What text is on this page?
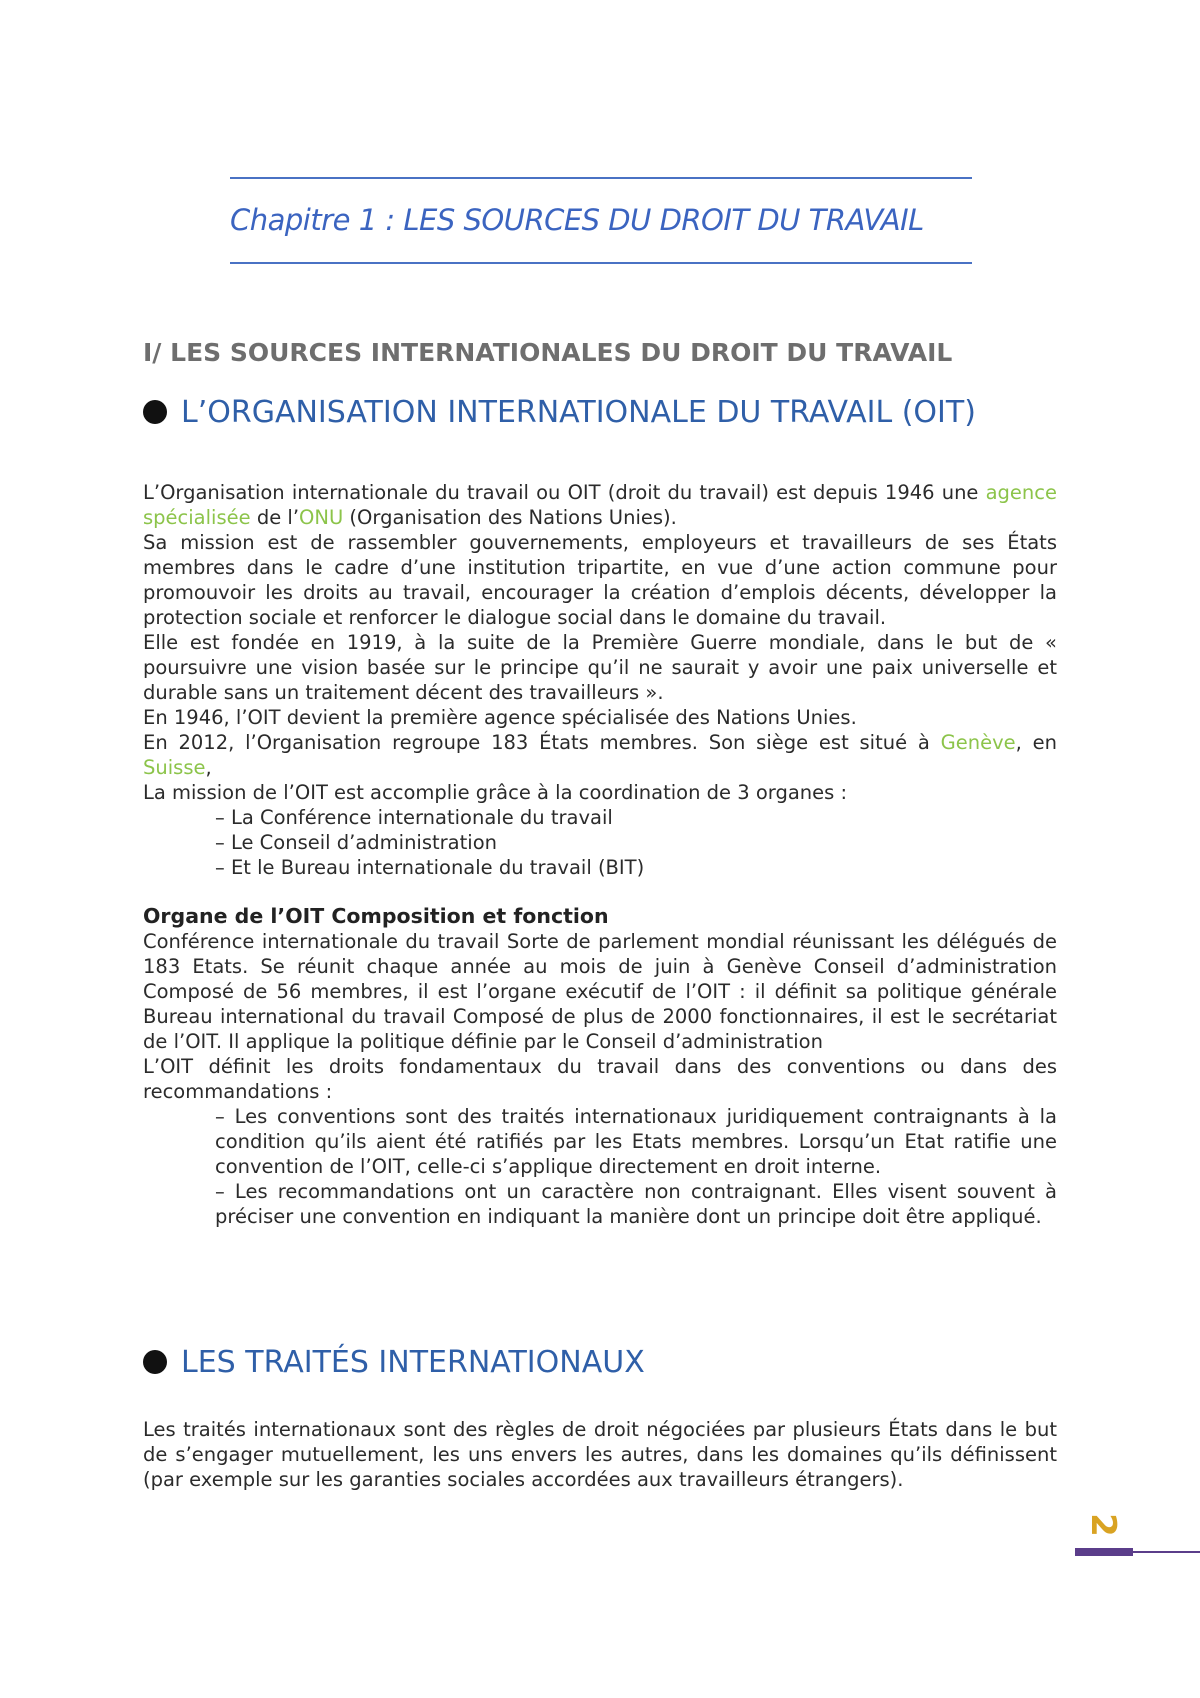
Chapitre 1 : LES SOURCES DU DROIT DU TRAVAIL
I/ LES SOURCES INTERNATIONALES DU DROIT DU TRAVAIL
L’ORGANISATION INTERNATIONALE DU TRAVAIL (OIT)

L’Organisation internationale du travail ou OIT (droit du travail) est depuis 1946 une agence spécialisée de l’ONU (Organisation des Nations Unies).

Sa mission est de rassembler gouvernements, employeurs et travailleurs de ses États membres dans le cadre d’une institution tripartite, en vue d’une action commune pour promouvoir les droits au travail, encourager la création d’emplois décents, développer la protection sociale et renforcer le dialogue social dans le domaine du travail.

Elle est fondée en 1919, à la suite de la Première Guerre mondiale, dans le but de « poursuivre une vision basée sur le principe qu’il ne saurait y avoir une paix universelle et durable sans un traitement décent des travailleurs ».

En 1946, l’OIT devient la première agence spécialisée des Nations Unies.

En 2012, l’Organisation regroupe 183 États membres. Son siège est situé à Genève, en Suisse,

La mission de l’OIT est accomplie grâce à la coordination de 3 organes :

– La Conférence internationale du travail

– Le Conseil d’administration

– Et le Bureau internationale du travail (BIT)

Organe de l’OIT Composition et fonction

Conférence internationale du travail Sorte de parlement mondial réunissant les délégués de 183 Etats. Se réunit chaque année au mois de juin à Genève Conseil d’administration Composé de 56 membres, il est l’organe exécutif de l’OIT : il définit sa politique générale Bureau international du travail Composé de plus de 2000 fonctionnaires, il est le secrétariat de l’OIT. Il applique la politique définie par le Conseil d’administration

L’OIT définit les droits fondamentaux du travail dans des conventions ou dans des recommandations :

– Les conventions sont des traités internationaux juridiquement contraignants à la condition qu’ils aient été ratifiés par les Etats membres. Lorsqu’un Etat ratifie une convention de l’OIT, celle-ci s’applique directement en droit interne.

– Les recommandations ont un caractère non contraignant. Elles visent souvent à préciser une convention en indiquant la manière dont un principe doit être appliqué.

LES TRAITÉS INTERNATIONAUX

Les traités internationaux sont des règles de droit négociées par plusieurs États dans le but de s’engager mutuellement, les uns envers les autres, dans les domaines qu’ils définissent (par exemple sur les garanties sociales accordées aux travailleurs étrangers).

2
